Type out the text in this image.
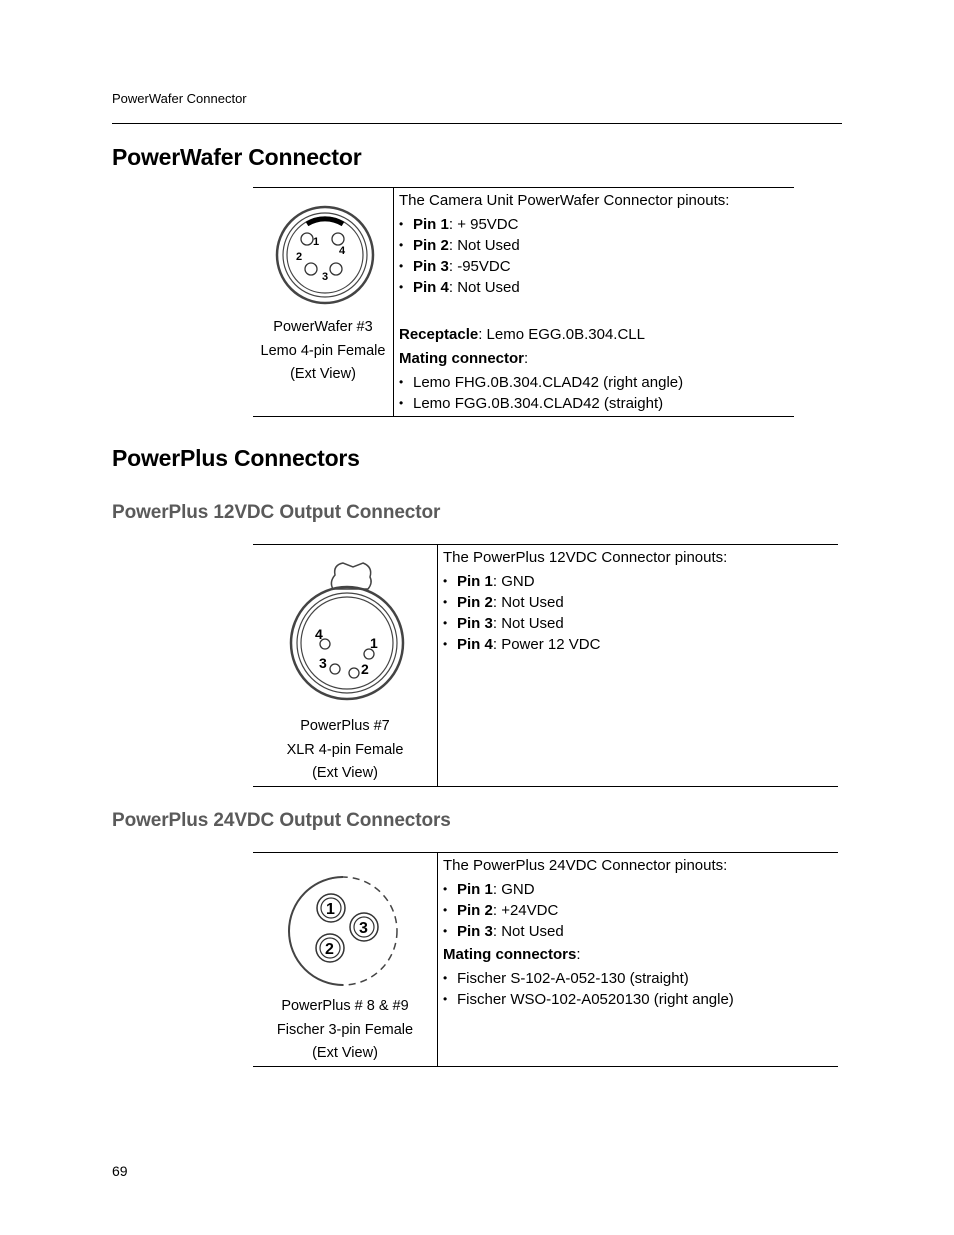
PowerWafer Connector
PowerWafer Connector
1
2
3
4
PowerWafer #3
Lemo 4-pin Female
(Ext View)

The Camera Unit PowerWafer Connector pinouts:
• Pin 1: + 95VDC
• Pin 2: Not Used
• Pin 3: -95VDC
• Pin 4: Not Used
Receptacle: Lemo EGG.0B.304.CLL
Mating connector:
• Lemo FHG.0B.304.CLAD42 (right angle)
• Lemo FGG.0B.304.CLAD42 (straight)
PowerPlus Connectors
PowerPlus 12VDC Output Connector
1
2
3
4
PowerPlus #7
XLR 4-pin Female
(Ext View)

The PowerPlus 12VDC Connector pinouts:
• Pin 1: GND
• Pin 2: Not Used
• Pin 3: Not Used
• Pin 4: Power 12 VDC
PowerPlus 24VDC Output Connectors
1
2
3
PowerPlus # 8 & #9
Fischer 3-pin Female
(Ext View)

The PowerPlus 24VDC Connector pinouts:
• Pin 1: GND
• Pin 2: +24VDC
• Pin 3: Not Used
Mating connectors:
• Fischer S-102-A-052-130 (straight)
• Fischer WSO-102-A0520130 (right angle)
69
